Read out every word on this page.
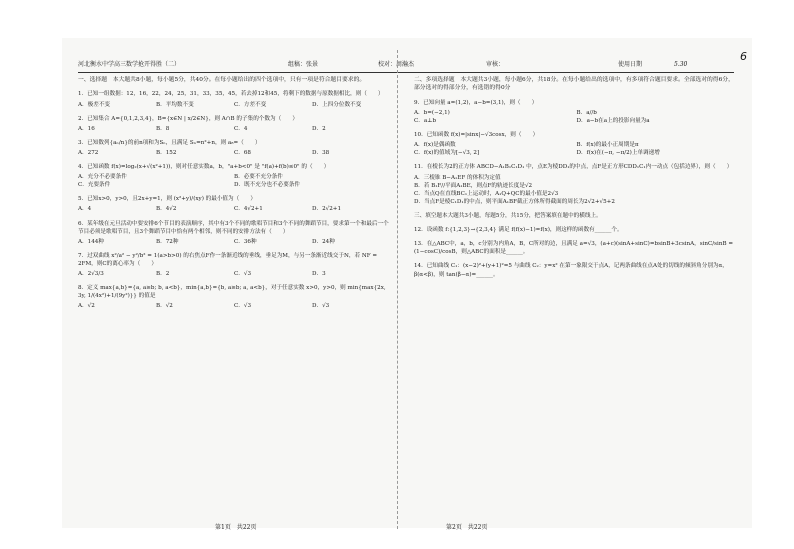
河北衡水中学高三数学抢开得胜（二）	组稿：张景	校对：周瀚杰	审核：	使用日期	5.30
6
一、选择题　本大题共8小题，每小题5分，共40分。在每小题给出的四个选项中，只有一项是符合题目要求的。
1．已知一组数据：12，16，22，24，25，31，33，35，45，若去掉12和45，将剩下的数据与原数据相比，则（　　）
A．极差不变	B．平均数不变	C．方差不变	D．上四分位数不变
2．已知集合 A={0,1,2,3,4}，B={x∈N | x/2∈N}，则 A∩B 的子集的个数为（　　）
A．16	B．8	C．4	D．2
3．已知数列{aₙ/n}的前n项和为Sₙ，且满足 Sₙ=n²+n，则 a₈=（　　）
A．272	B．152	C．68	D．38
4．已知函数 f(x)=log₂(x+√(x²+1))，则对任意实数a，b，"a+b<0" 是 "f(a)+f(b)≤0" 的（　　）
A．充分不必要条件	B．必要不充分条件
C．充要条件	D．既不充分也不必要条件
5．已知x>0，y>0，且2x+y=1，则 (x²+y)/(xy) 的最小值为（　　）
A．4	B．4√2	C．4√2+1	D．2√2+1
6．某年级在元旦活动中要安排6个节目的表演顺序，其中有3个不同的歌唱节目和3个不同的舞蹈节目，要求第一个和最后一个节目必须是歌唱节目，且3个舞蹈节目中恰有两个相邻，则不同的安排方法有（　　）
A．144种	B．72种	C．36种	D．24种
7．过双曲线 x²/a² − y²/b² = 1(a>b>0) 的右焦点F作一条渐近线的垂线，垂足为M，与另一条渐近线交于N，若 NF = 2FM，则C的离心率为（　　）
A．2√3/3	B．2	C．√3	D．3
8．定义 max{a,b}={a, a≥b; b, a<b}，min{a,b}={b, a≥b; a, a<b}，对于任意实数 x>0，y>0，则 min{max{2x, 3y, 1/(4x²)+1/(9y²)}} 的值是
A．√2	B．√2	C．√3	D．√3
二、多项选择题　本大题共3小题，每小题6分，共18分。在每小题给出的选项中，有多项符合题目要求。全部选对的得6分，部分选对的得部分分，有选错的得0分
9．已知向量 a=(1,2)，a−b=(3,1)，则（　　）
A．b=(−2,1)	B．a//b
C．a⊥b	D．a−b在a上的投影向量为a
10．已知函数 f(x)=|sinx|−√3cosx，则（　　）
A．f(x)是偶函数	B．f(x)的最小正周期是π
C．f(x)的值域为[−√3, 2]	D．f(x)在(−π, −π/2)上单调递增
11．在棱长为2的正方体 ABCD−A₁B₁C₁D₁ 中，点E为棱DD₁的中点，点F是正方形CDD₁C₁内一动点（包括边界），则（　　）
A．三棱锥 B−A₁EF 的体积为定值
B．若 B₁F//平面A₁BE，则点F的轨迹长度是√2
C．当点Q在直线BC₁上运动时，A₁Q+QC的最小值是2√3
D．当点F是棱C₁D₁的中点，则平面A₁BF截正方体所得截面的周长为2√2+√5+2
三、填空题本大题共3小题，每题5分，共15分，把答案填在题中的横线上。
12．设函数 f:{1,2,3}→{2,3,4} 满足 f(f(x)−1)=f(x)，则这样的函数有______个。
13．在△ABC中，a，b，c分别为内角A，B，C所对的边，且满足 a=√3，(a+c)(sinA+sinC)=bsinB+3csinA，sinC/sinB = (1−cosC)/cosB，则△ABC的面积是______。
14．已知曲线 C₁：(x−2)²+(y+1)²=5 与曲线 C₂：y=x² 在第一象限交于点A，记两条曲线在点A处的切线的倾斜角分别为α，β(α<β)，则 tan(β−α)=______。
第1页　共22页	第2页　共22页
